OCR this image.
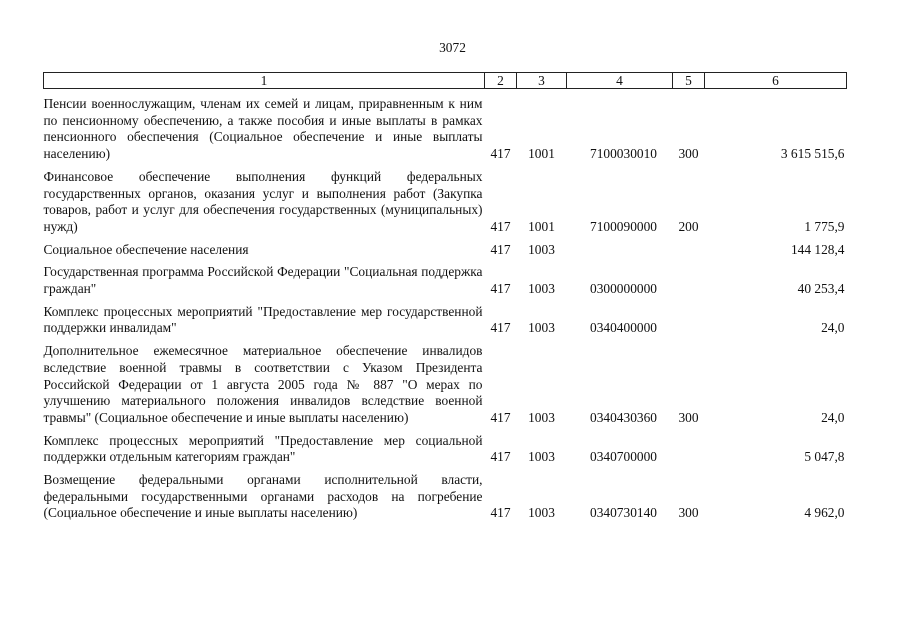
3072
1	2	3	4	5	6
Пенсии военнослужащим, членам их семей и лицам, приравненным к ним по пенсионному обеспечению, а также пособия и иные выплаты в рамках пенсионного обеспечения (Социальное обеспечение и иные выплаты населению)	417	1001	7100030010	300	3 615 515,6
Финансовое обеспечение выполнения функций федеральных государственных органов, оказания услуг и выполнения работ (Закупка товаров, работ и услуг для обеспечения государственных (муниципальных) нужд)	417	1001	7100090000	200	1 775,9
Социальное обеспечение населения	417	1003			144 128,4
Государственная программа Российской Федерации "Социальная поддержка граждан"	417	1003	0300000000		40 253,4
Комплекс процессных мероприятий "Предоставление мер государственной поддержки инвалидам"	417	1003	0340400000		24,0
Дополнительное ежемесячное материальное обеспечение инвалидов вследствие военной травмы в соответствии с Указом Президента Российской Федерации от 1 августа 2005 года № 887 "О мерах по улучшению материального положения инвалидов вследствие военной травмы" (Социальное обеспечение и иные выплаты населению)	417	1003	0340430360	300	24,0
Комплекс процессных мероприятий "Предоставление мер социальной поддержки отдельным категориям граждан"	417	1003	0340700000		5 047,8
Возмещение федеральными органами исполнительной власти, федеральными государственными органами расходов на погребение (Социальное обеспечение и иные выплаты населению)	417	1003	0340730140	300	4 962,0
